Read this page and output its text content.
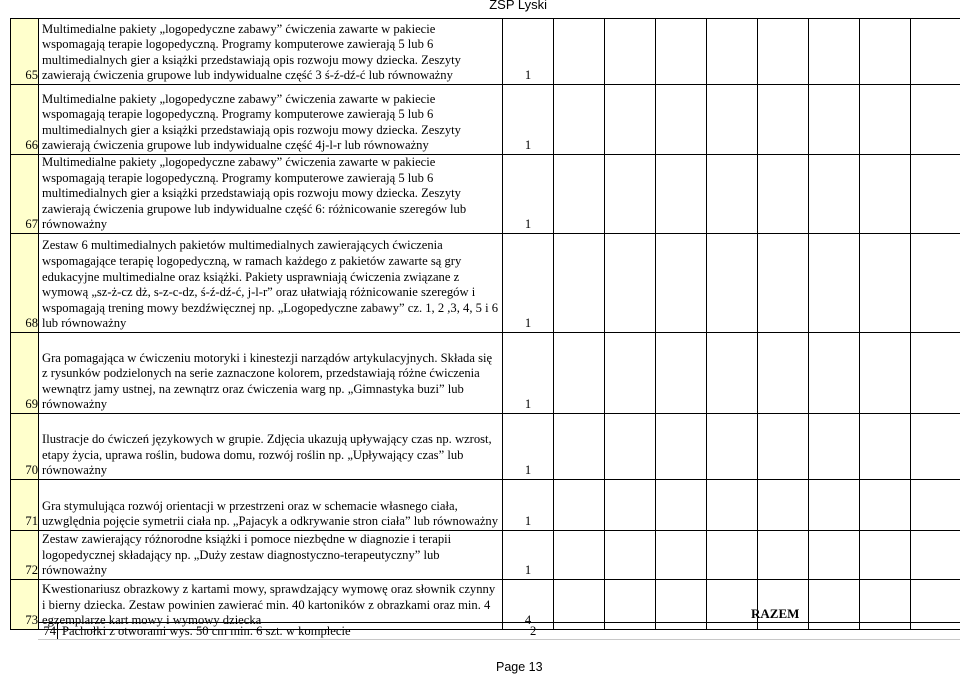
ZSP Lyski
65	Multimedialne pakiety „logopedyczne zabawy” ćwiczenia zawarte w pakiecie wspomagają terapie logopedyczną. Programy komputerowe zawierają 5 lub 6 multimedialnych gier a książki przedstawiają opis rozwoju mowy dziecka. Zeszyty zawierają ćwiczenia grupowe lub indywidualne część 3 ś-ź-dź-ć lub równoważny	1								
66	Multimedialne pakiety „logopedyczne zabawy” ćwiczenia zawarte w pakiecie wspomagają terapie logopedyczną. Programy komputerowe zawierają 5 lub 6 multimedialnych gier a książki przedstawiają opis rozwoju mowy dziecka. Zeszyty zawierają ćwiczenia grupowe lub indywidualne część 4j-l-r lub równoważny	1								
67	Multimedialne pakiety „logopedyczne zabawy” ćwiczenia zawarte w pakiecie wspomagają terapie logopedyczną. Programy komputerowe zawierają 5 lub 6 multimedialnych gier a książki przedstawiają opis rozwoju mowy dziecka. Zeszyty zawierają ćwiczenia grupowe lub indywidualne część 6: różnicowanie szeregów lub równoważny	1								
68	Zestaw 6 multimedialnych pakietów multimedialnych zawierających ćwiczenia wspomagające terapię logopedyczną, w ramach każdego z pakietów zawarte są gry edukacyjne multimedialne oraz książki. Pakiety usprawniają ćwiczenia związane z wymową „sz-ż-cz dż, s-z-c-dz, ś-ź-dź-ć, j-l-r” oraz ułatwiają różnicowanie szeregów i wspomagają trening mowy bezdźwięcznej np. „Logopedyczne zabawy” cz. 1, 2 ,3, 4, 5 i 6 lub równoważny	1								
69	Gra pomagająca w ćwiczeniu motoryki i kinestezji narządów artykulacyjnych. Składa się z rysunków podzielonych na serie zaznaczone kolorem, przedstawiają różne ćwiczenia wewnątrz jamy ustnej, na zewnątrz oraz ćwiczenia warg np. „Gimnastyka buzi” lub równoważny	1								
70	Ilustracje do ćwiczeń językowych w grupie. Zdjęcia ukazują upływający czas np. wzrost, etapy życia, uprawa roślin, budowa domu, rozwój roślin np. „Upływający czas” lub równoważny	1								
71	Gra stymulująca rozwój orientacji w przestrzeni oraz w schemacie własnego ciała, uzwględnia pojęcie symetrii ciała np. „Pajacyk a odkrywanie stron ciała” lub równoważny	1								
72	Zestaw zawierający różnorodne książki i pomoce niezbędne w diagnozie i terapii logopedycznej składający np. „Duży zestaw diagnostyczno-terapeutyczny” lub równoważny	1								
73	Kwestionariusz obrazkowy z kartami mowy, sprawdzający wymowę oraz słownik czynny i bierny dziecka. Zestaw powinien zawierać min. 40 kartoników z obrazkami oraz min. 4 egzemplarze kart mowy i wymowy dziecka	4									RAZEM
74 Pachołki z otworami wys. 50 cm min. 6 szt. w komplecie	2
Page 13
